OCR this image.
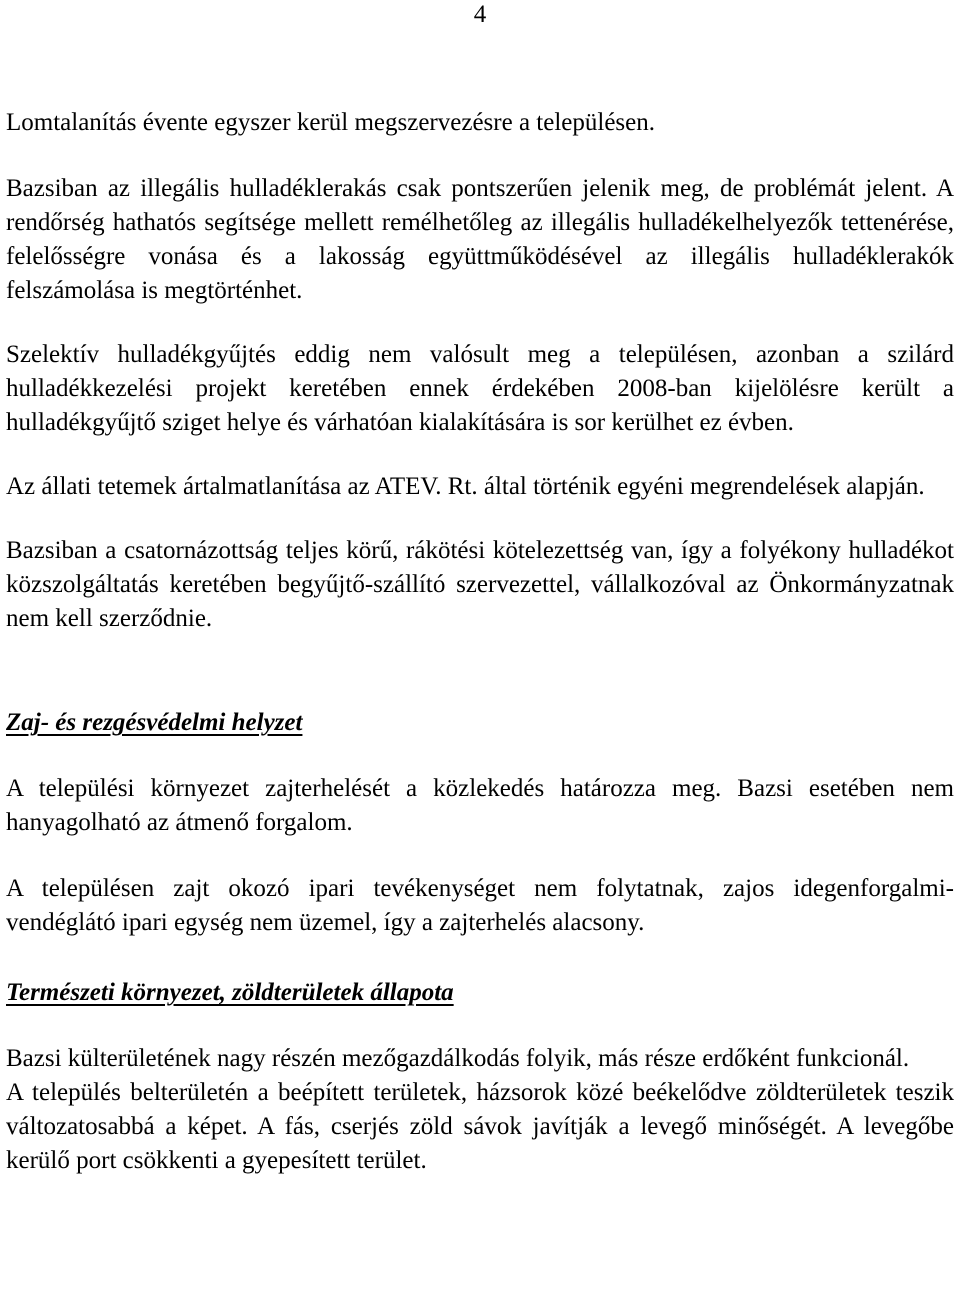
4

Lomtalanítás évente egyszer kerül megszervezésre a településen.

Bazsiban az illegális hulladéklerakás csak pontszerűen jelenik meg, de problémát jelent. A rendőrség hathatós segítsége mellett remélhetőleg az illegális hulladékelhelyezők tettenérése, felelősségre vonása és a lakosság együttműködésével az illegális hulladéklerakók felszámolása is megtörténhet.

Szelektív hulladékgyűjtés eddig nem valósult meg a településen, azonban a szilárd hulladékkezelési projekt keretében ennek érdekében 2008-ban kijelölésre került a hulladékgyűjtő sziget helye és várhatóan kialakítására is sor kerülhet ez évben.

Az állati tetemek ártalmatlanítása az ATEV. Rt. által történik egyéni megrendelések alapján.

Bazsiban a csatornázottság teljes körű, rákötési kötelezettség van, így a folyékony hulladékot közszolgáltatás keretében begyűjtő-szállító szervezettel, vállalkozóval az Önkormányzatnak nem kell szerződnie.

Zaj- és rezgésvédelmi helyzet

A települési környezet zajterhelését a közlekedés határozza meg. Bazsi esetében nem hanyagolható az átmenő forgalom.

A településen zajt okozó ipari tevékenységet nem folytatnak, zajos idegenforgalmi- vendéglátó ipari egység nem üzemel, így a zajterhelés alacsony.

Természeti környezet, zöldterületek állapota

Bazsi külterületének nagy részén mezőgazdálkodás folyik, más része erdőként funkcionál.

A település belterületén a beépített területek, házsorok közé beékelődve zöldterületek teszik változatosabbá a képet. A fás, cserjés zöld sávok javítják a levegő minőségét. A levegőbe kerülő port csökkenti a gyepesített terület.
